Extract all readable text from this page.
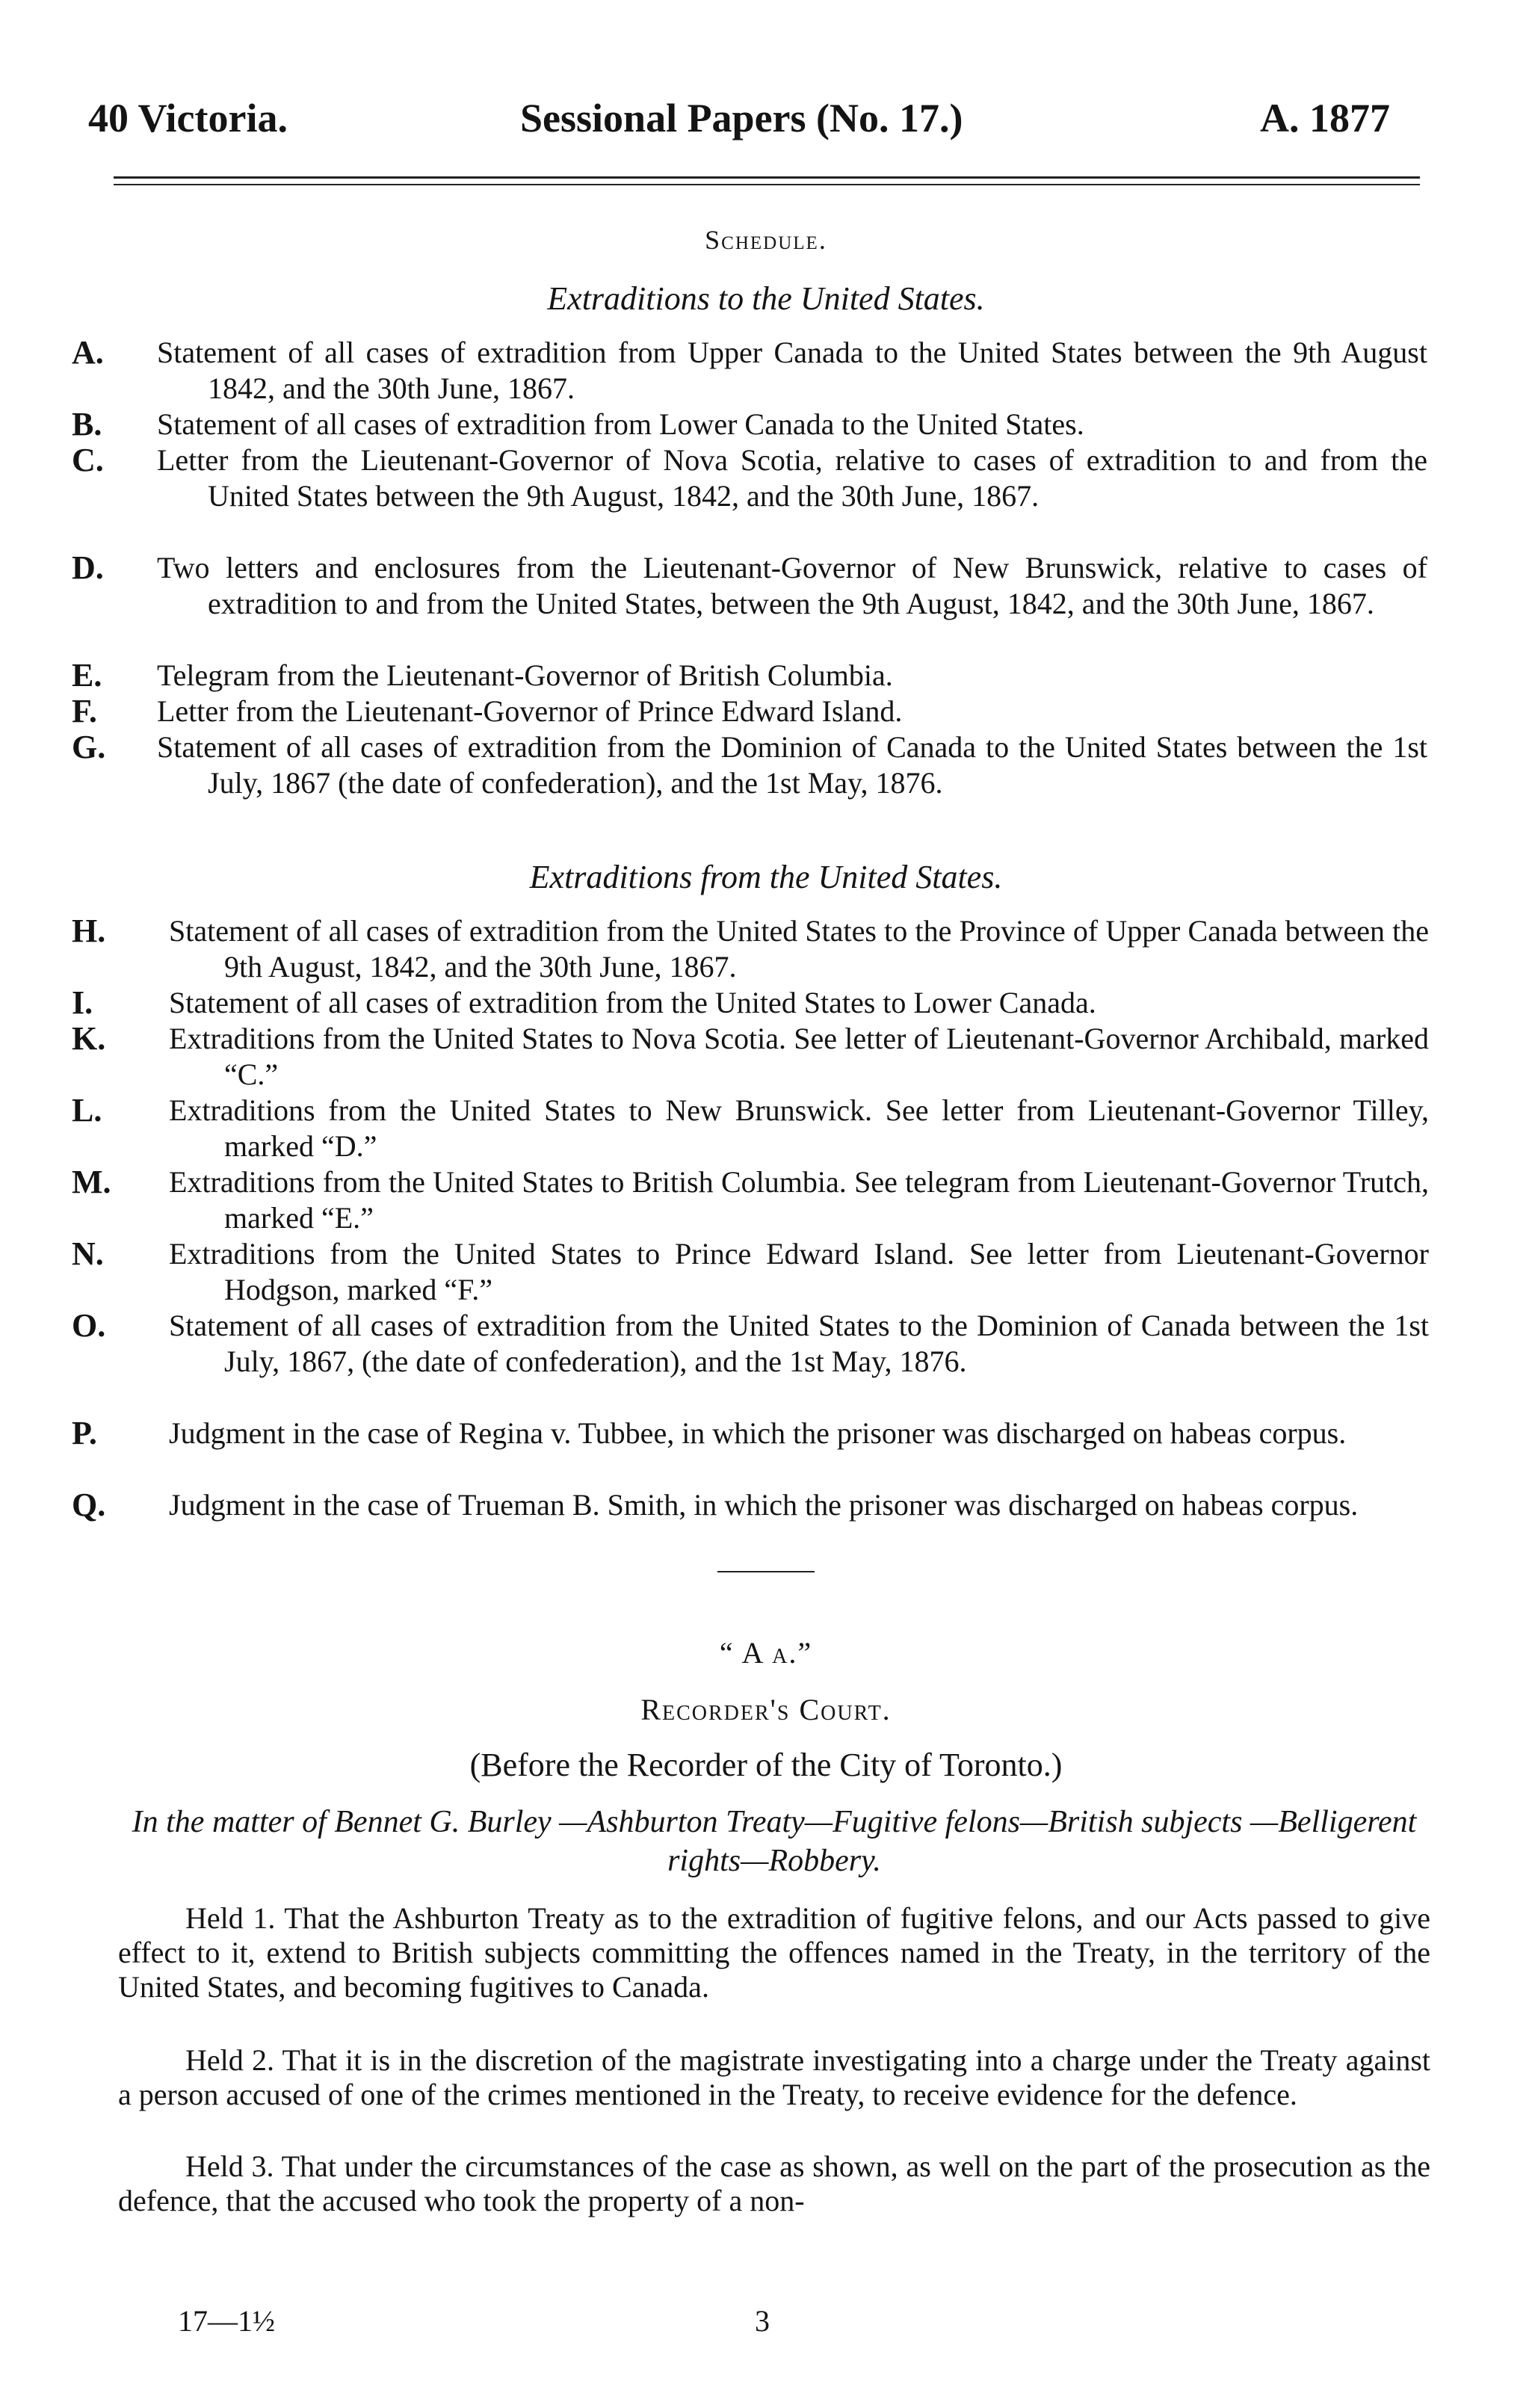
40 Victoria.	Sessional Papers (No. 17.)	A. 1877
Schedule.
Extraditions to the United States.
A. Statement of all cases of extradition from Upper Canada to the United States between the 9th August 1842, and the 30th June, 1867.
B. Statement of all cases of extradition from Lower Canada to the United States.
C. Letter from the Lieutenant-Governor of Nova Scotia, relative to cases of extradition to and from the United States between the 9th August, 1842, and the 30th June, 1867.
D. Two letters and enclosures from the Lieutenant-Governor of New Brunswick, relative to cases of extradition to and from the United States, between the 9th August, 1842, and the 30th June, 1867.
E. Telegram from the Lieutenant-Governor of British Columbia.
F. Letter from the Lieutenant-Governor of Prince Edward Island.
G. Statement of all cases of extradition from the Dominion of Canada to the United States between the 1st July, 1867 (the date of confederation), and the 1st May, 1876.
Extraditions from the United States.
H. Statement of all cases of extradition from the United States to the Province of Upper Canada between the 9th August, 1842, and the 30th June, 1867.
I.	Statement of all cases of extradition from the United States to Lower Canada.
K. Extraditions from the United States to Nova Scotia. See letter of Lieutenant-Governor Archibald, marked “C.”
L. Extraditions from the United States to New Brunswick. See letter from Lieutenant-Governor Tilley, marked “D.”
M. Extraditions from the United States to British Columbia. See telegram from Lieutenant-Governor Trutch, marked “E.”
N. Extraditions from the United States to Prince Edward Island. See letter from Lieutenant-Governor Hodgson, marked “F.”
O. Statement of all cases of extradition from the United States to the Dominion of Canada between the 1st July, 1867, (the date of confederation), and the 1st May, 1876.
P. Judgment in the case of Regina v. Tubbee, in which the prisoner was discharged on habeas corpus.
Q. Judgment in the case of Trueman B. Smith, in which the prisoner was discharged on habeas corpus.
“ A a.”
Recorder's Court.
(Before the Recorder of the City of Toronto.)
In the matter of Bennet G. Burley —Ashburton Treaty—Fugitive felons—British subjects —Belligerent rights—Robbery.
Held 1. That the Ashburton Treaty as to the extradition of fugitive felons, and our Acts passed to give effect to it, extend to British subjects committing the offences named in the Treaty, in the territory of the United States, and becoming fugitives to Canada.
Held 2. That it is in the discretion of the magistrate investigating into a charge under the Treaty against a person accused of one of the crimes mentioned in the Treaty, to receive evidence for the defence.
Held 3. That under the circumstances of the case as shown, as well on the part of the prosecution as the defence, that the accused who took the property of a non-
17—1½	3
